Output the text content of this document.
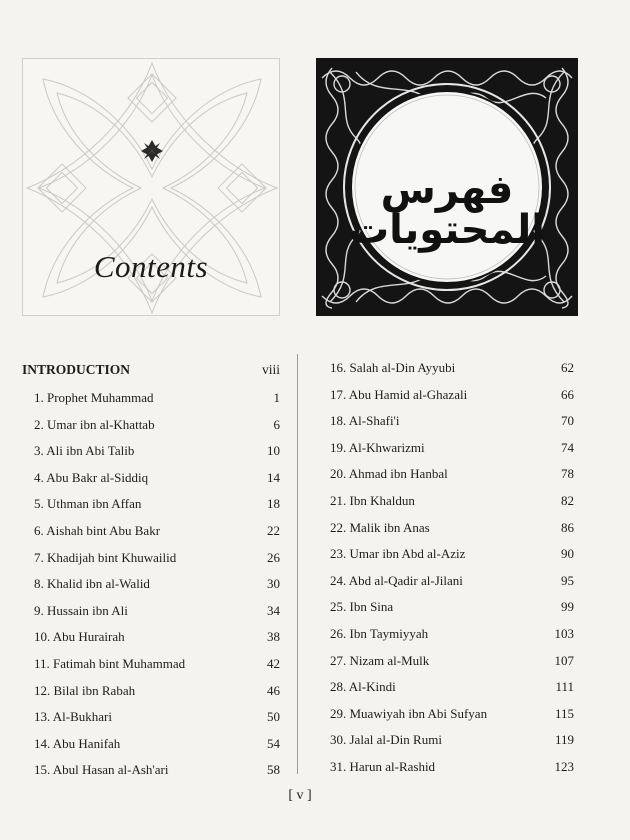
Contents
فهرس المحتويات
INTRODUCTION	viii
1. Prophet Muhammad	1
2. Umar ibn al-Khattab	6
3. Ali ibn Abi Talib	10
4. Abu Bakr al-Siddiq	14
5. Uthman ibn Affan	18
6. Aishah bint Abu Bakr	22
7. Khadijah bint Khuwailid	26
8. Khalid ibn al-Walid	30
9. Hussain ibn Ali	34
10. Abu Hurairah	38
11. Fatimah bint Muhammad	42
12. Bilal ibn Rabah	46
13. Al-Bukhari	50
14. Abu Hanifah	54
15. Abul Hasan al-Ash'ari	58
16. Salah al-Din Ayyubi	62
17. Abu Hamid al-Ghazali	66
18. Al-Shafi'i	70
19. Al-Khwarizmi	74
20. Ahmad ibn Hanbal	78
21. Ibn Khaldun	82
22. Malik ibn Anas	86
23. Umar ibn Abd al-Aziz	90
24. Abd al-Qadir al-Jilani	95
25. Ibn Sina	99
26. Ibn Taymiyyah	103
27. Nizam al-Mulk	107
28. Al-Kindi	111
29. Muawiyah ibn Abi Sufyan	115
30. Jalal al-Din Rumi	119
31. Harun al-Rashid	123
[ v ]
